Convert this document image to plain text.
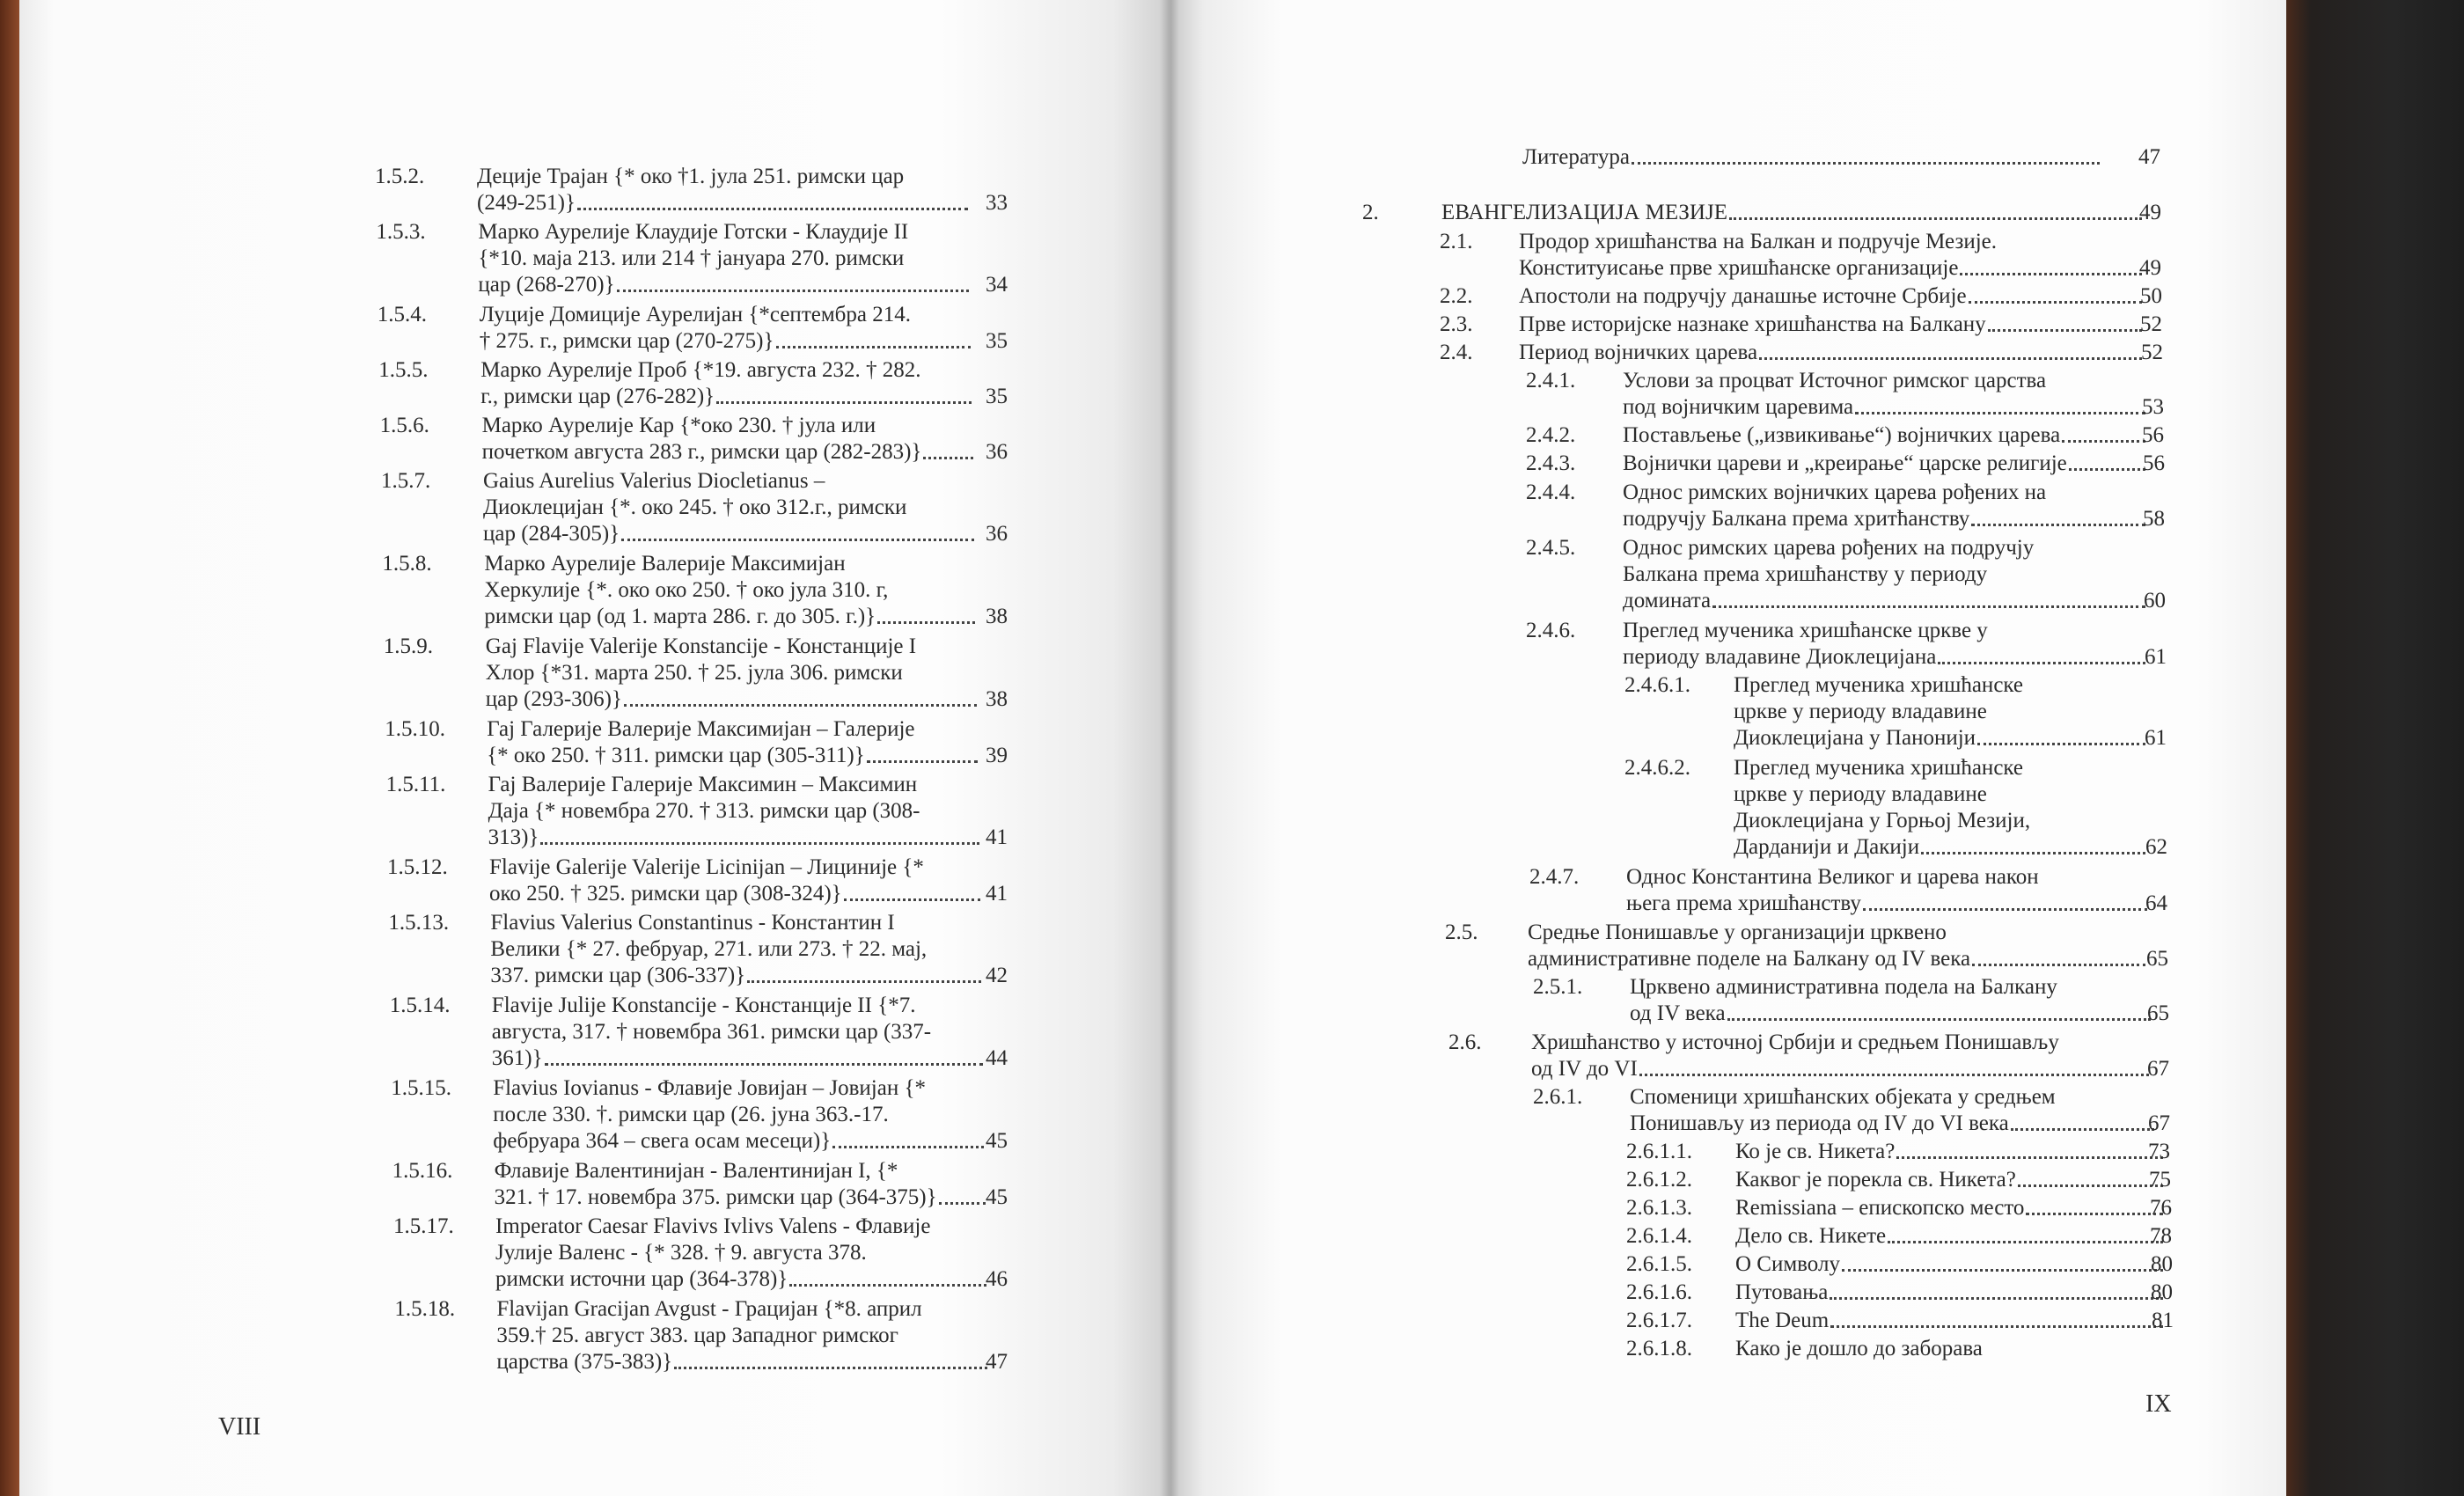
1.5.2. Деције Трајан {* око †1. јула 251. римски цар
(249-251)}	33
1.5.3. Марко Аурелије Клаудије Готски - Клаудије II
{*10. маја 213. или 214 † јануара 270. римски
цар (268-270)}	34
1.5.4. Луције Домиције Аурелијан {*септембра 214.
† 275. г., римски цар (270-275)}	35
1.5.5. Марко Аурелије Проб {*19. августа 232. † 282.
г., римски цар (276-282)}	35
1.5.6. Марко Аурелије Кар {*око 230. † јула или
почетком августа 283 г., римски цар (282-283)}	36
1.5.7. Gaius Aurelius Valerius Diocletianus –
Диоклецијан {*. око 245. † око 312.г., римски
цар (284-305)}	36
1.5.8. Марко Аурелије Валерије Максимијан
Херкулије {*. око око 250. † око јула 310. г,
римски цар (од 1. марта 286. г. до 305. г.)}	38
1.5.9. Gaj Flavije Valerije Konstancije - Констанције I
Хлор {*31. марта 250. † 25. јула 306. римски
цар (293-306)}	38
1.5.10. Гај Галерије Валерије Максимијан – Галерије
{* око 250. † 311. римски цар (305-311)}	39
1.5.11. Гај Валерије Галерије Максимин – Максимин
Даја {* новембра 270. † 313. римски цар (308-
313)}	41
1.5.12. Flavije Galerije Valerije Licinijan – Лициније {*
око 250. † 325. римски цар (308-324)}	41
1.5.13. Flavius Valerius Constantinus - Константин I
Велики {* 27. фебруар, 271. или 273. † 22. мај,
337. римски цар (306-337)}	42
1.5.14. Flavije Julije Konstancije - Констанције II {*7.
августа, 317. † новембра 361. римски цар (337-
361)}	44
1.5.15. Flavius Iovianus - Флавије Јовијан – Јовијан {*
после 330. †. римски цар (26. јуна 363.-17.
фебруара 364 – свега осам месеци)}	45
1.5.16. Флавије Валентинијан - Валентинијан I, {*
321. † 17. новембра 375. римски цар (364-375)} 45
1.5.17. Imperator Caesar Flavivs Ivlivs Valens - Флавије
Јулије Валенс - {* 328. † 9. августа 378.
римски источни цар (364-378)}	46
1.5.18. Flavijan Gracijan Avgust - Грацијан {*8. април
359.† 25. август 383. цар Западног римског
царства (375-383)}	47
VIII
Литература	47
2.	ЕВАНГЕЛИЗАЦИЈА МЕЗИЈЕ	49
2.1. Продор хришћанства на Балкан и подручје Мезије.
Конституисање прве хришћанске организације	49
2.2. Апостоли на подручју данашње источне Србије	50
2.3. Прве историјске назнаке хришћанства на Балкану	52
2.4. Период војничких царева	52
2.4.1. Услови за процват Источног римског царства
под војничким царевима	53
2.4.2. Постављење („извикивање“) војничких царева	56
2.4.3. Војнички цареви и „креирање“ царске религије	56
2.4.4. Однос римских војничких царева рођених на
подручју Балкана према хритћанству	58
2.4.5. Однос римских царева рођених на подручју
Балкана према хришћанству у периоду
домината	60
2.4.6. Преглед мученика хришћанске цркве у
периоду владавине Диоклецијана	61
2.4.6.1. Преглед мученика хришћанске
цркве у периоду владавине
Диоклецијана у Панонији	61
2.4.6.2. Преглед мученика хришћанске
цркве у периоду владавине
Диоклецијана у Горњој Мезији,
Дарданији и Дакији	62
2.4.7. Однос Константина Великог и царева након
њега према хришћанству	64
2.5. Средње Понишавље у организацији црквено
административне поделе на Балкану од IV века	65
2.5.1. Црквено административна подела на Балкану
од IV века	65
2.6. Хришћанство у источној Србији и средњем Понишављу
од IV до VI	67
2.6.1. Споменици хришћанских објеката у средњем
Понишављу из периода од IV до VI века	67
2.6.1.1. Ко је св. Никета?	73
2.6.1.2. Каквог је порекла св. Никета?	75
2.6.1.3. Remissiana – епископско место	76
2.6.1.4. Дело св. Никете	78
2.6.1.5. О Символу	80
2.6.1.6. Путовања	80
2.6.1.7. The Deum	81
2.6.1.8. Како је дошло до заборава
IX
